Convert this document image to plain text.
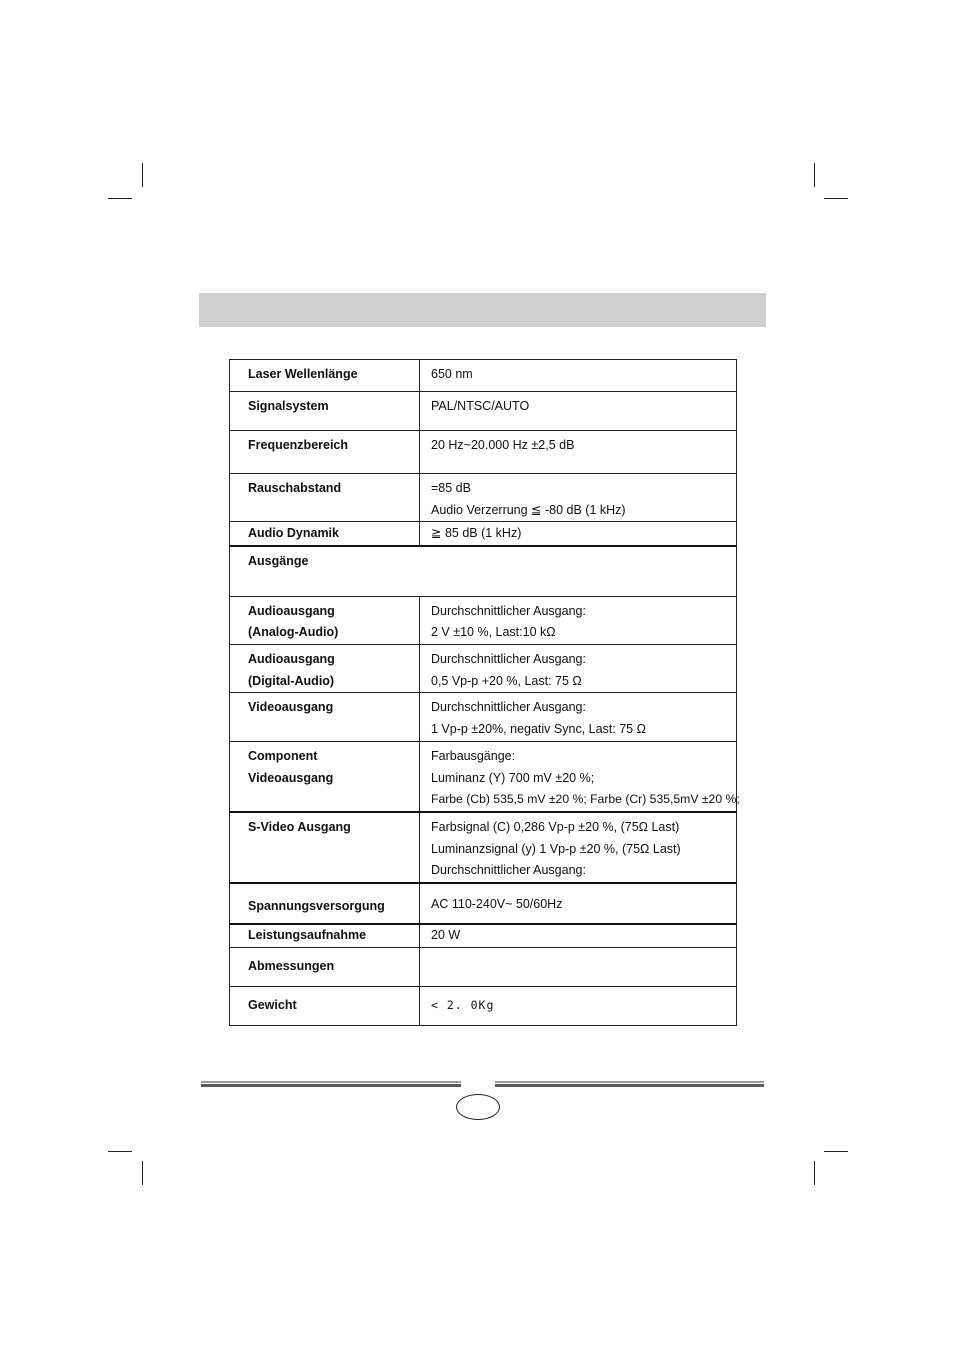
Laser Wellenlänge	650 nm

Signalsystem	PAL/NTSC/AUTO

Frequenzbereich	20 Hz~20.000 Hz ±2,5 dB

Rauschabstand	=85 dB
Audio Verzerrung ≦ -80 dB (1 kHz)

Audio Dynamik	≧ 85 dB (1 kHz)

Ausgänge	

Audioausgang
(Analog-Audio)	Durchschnittlicher Ausgang:
2 V ±10 %, Last:10 kΩ

Audioausgang
(Digital-Audio)	Durchschnittlicher Ausgang:
0,5 Vp-p +20 %, Last: 75 Ω

Videoausgang	Durchschnittlicher Ausgang:
1 Vp-p ±20%, negativ Sync, Last: 75 Ω

Component
Videoausgang	Farbausgänge:
Luminanz (Y) 700 mV ±20 %;
Farbe (Cb) 535,5 mV ±20 %; Farbe (Cr) 535,5mV ±20 %;

S-Video Ausgang	Farbsignal (C) 0,286 Vp-p ±20 %, (75Ω Last)
Luminanzsignal (y) 1 Vp-p ±20 %, (75Ω Last)
Durchschnittlicher Ausgang:

Spannungsversorgung	AC 110-240V~ 50/60Hz

Leistungsaufnahme	20 W

Abmessungen	

Gewicht	< 2. 0Kg
